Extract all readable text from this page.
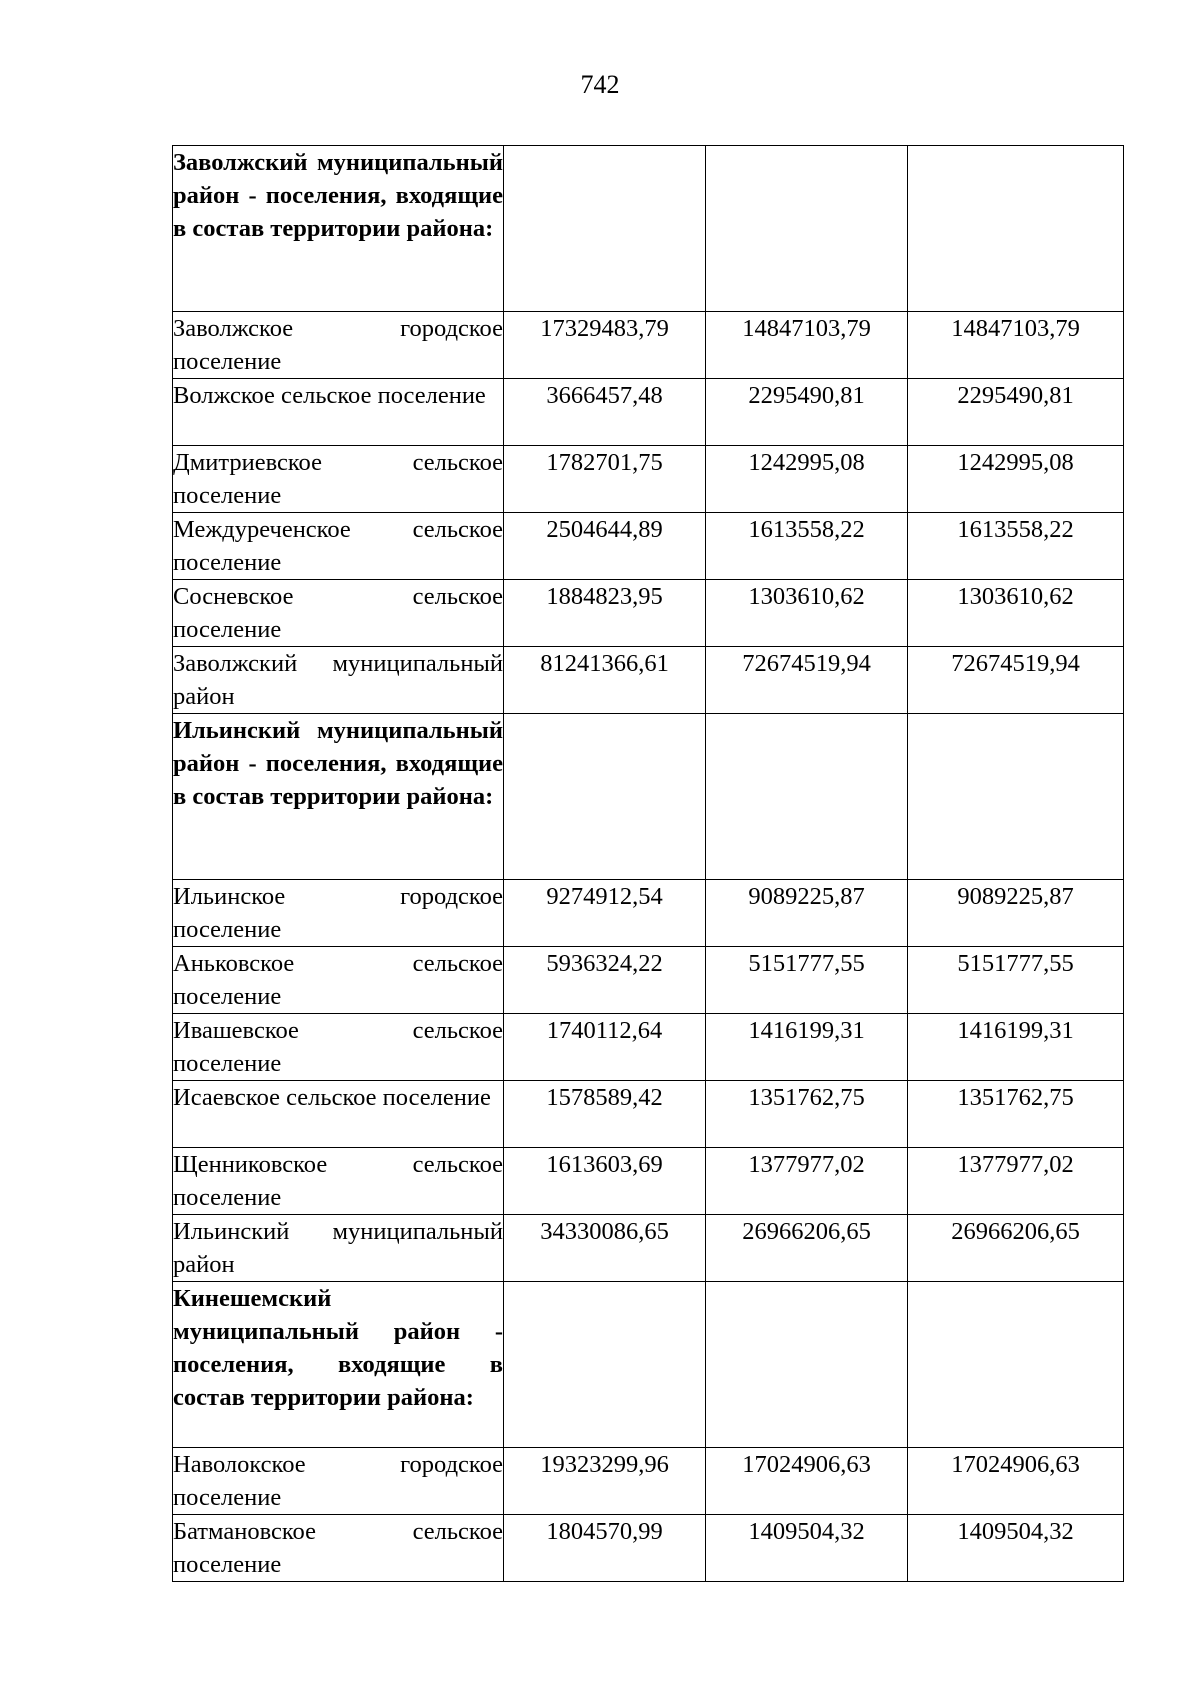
742
Заволжский муниципальный район - поселения, входящие в состав территории района:			
Заволжское городское поселение	17329483,79	14847103,79	14847103,79
Волжское сельское поселение	3666457,48	2295490,81	2295490,81
Дмитриевское сельское поселение	1782701,75	1242995,08	1242995,08
Междуреченское сельское поселение	2504644,89	1613558,22	1613558,22
Сосневское сельское поселение	1884823,95	1303610,62	1303610,62
Заволжский муниципальный район	81241366,61	72674519,94	72674519,94
Ильинский муниципальный район - поселения, входящие в состав территории района:			
Ильинское городское поселение	9274912,54	9089225,87	9089225,87
Аньковское сельское поселение	5936324,22	5151777,55	5151777,55
Ивашевское сельское поселение	1740112,64	1416199,31	1416199,31
Исаевское сельское поселение	1578589,42	1351762,75	1351762,75
Щенниковское сельское поселение	1613603,69	1377977,02	1377977,02
Ильинский муниципальный район	34330086,65	26966206,65	26966206,65
Кинешемский муниципальный район - поселения, входящие в состав территории района:			
Наволокское городское поселение	19323299,96	17024906,63	17024906,63
Батмановское сельское поселение	1804570,99	1409504,32	1409504,32
